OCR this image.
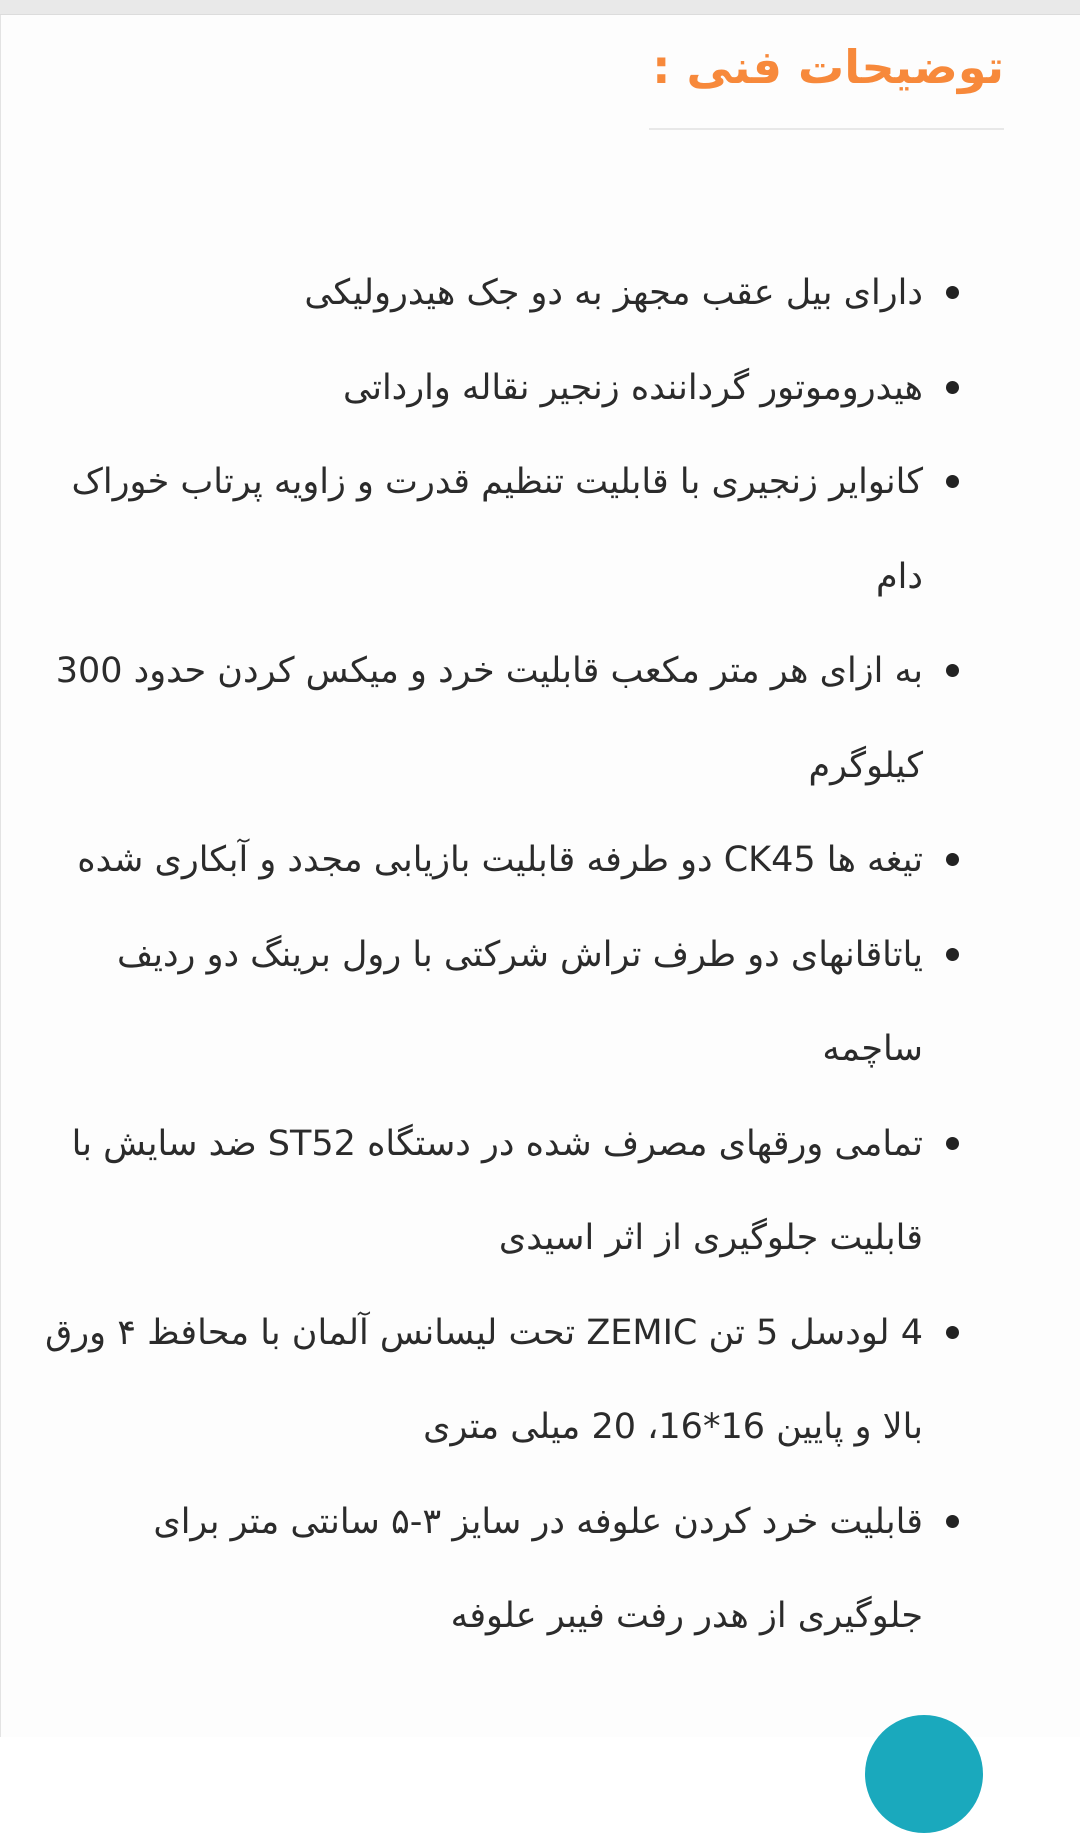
توضیحات فنی :
دارای بیل عقب مجهز به دو جک هیدرولیکی
هیدروموتور گرداننده زنجیر نقاله وارداتی
کانوایر زنجیری با قابلیت تنظیم قدرت و زاویه پرتاب خوراک دام
به ازای هر متر مکعب قابلیت خرد و میکس کردن حدود 300 کیلوگرم
تیغه ها CK45 دو طرفه قابلیت بازیابی مجدد و آبکاری شده
یاتاقانهای دو طرف تراش شرکتی با رول برینگ دو ردیف ساچمه
تمامی ورقهای مصرف شده در دستگاه ST52 ضد سایش با قابلیت جلوگیری از اثر اسیدی
4 لودسل 5 تن ZEMIC تحت لیسانس آلمان با محافظ ۴ ورق بالا و پایین 16*16، 20 میلی متری
قابلیت خرد کردن علوفه در سایز ۳-۵ سانتی متر برای جلوگیری از هدر رفت فیبر علوفه
